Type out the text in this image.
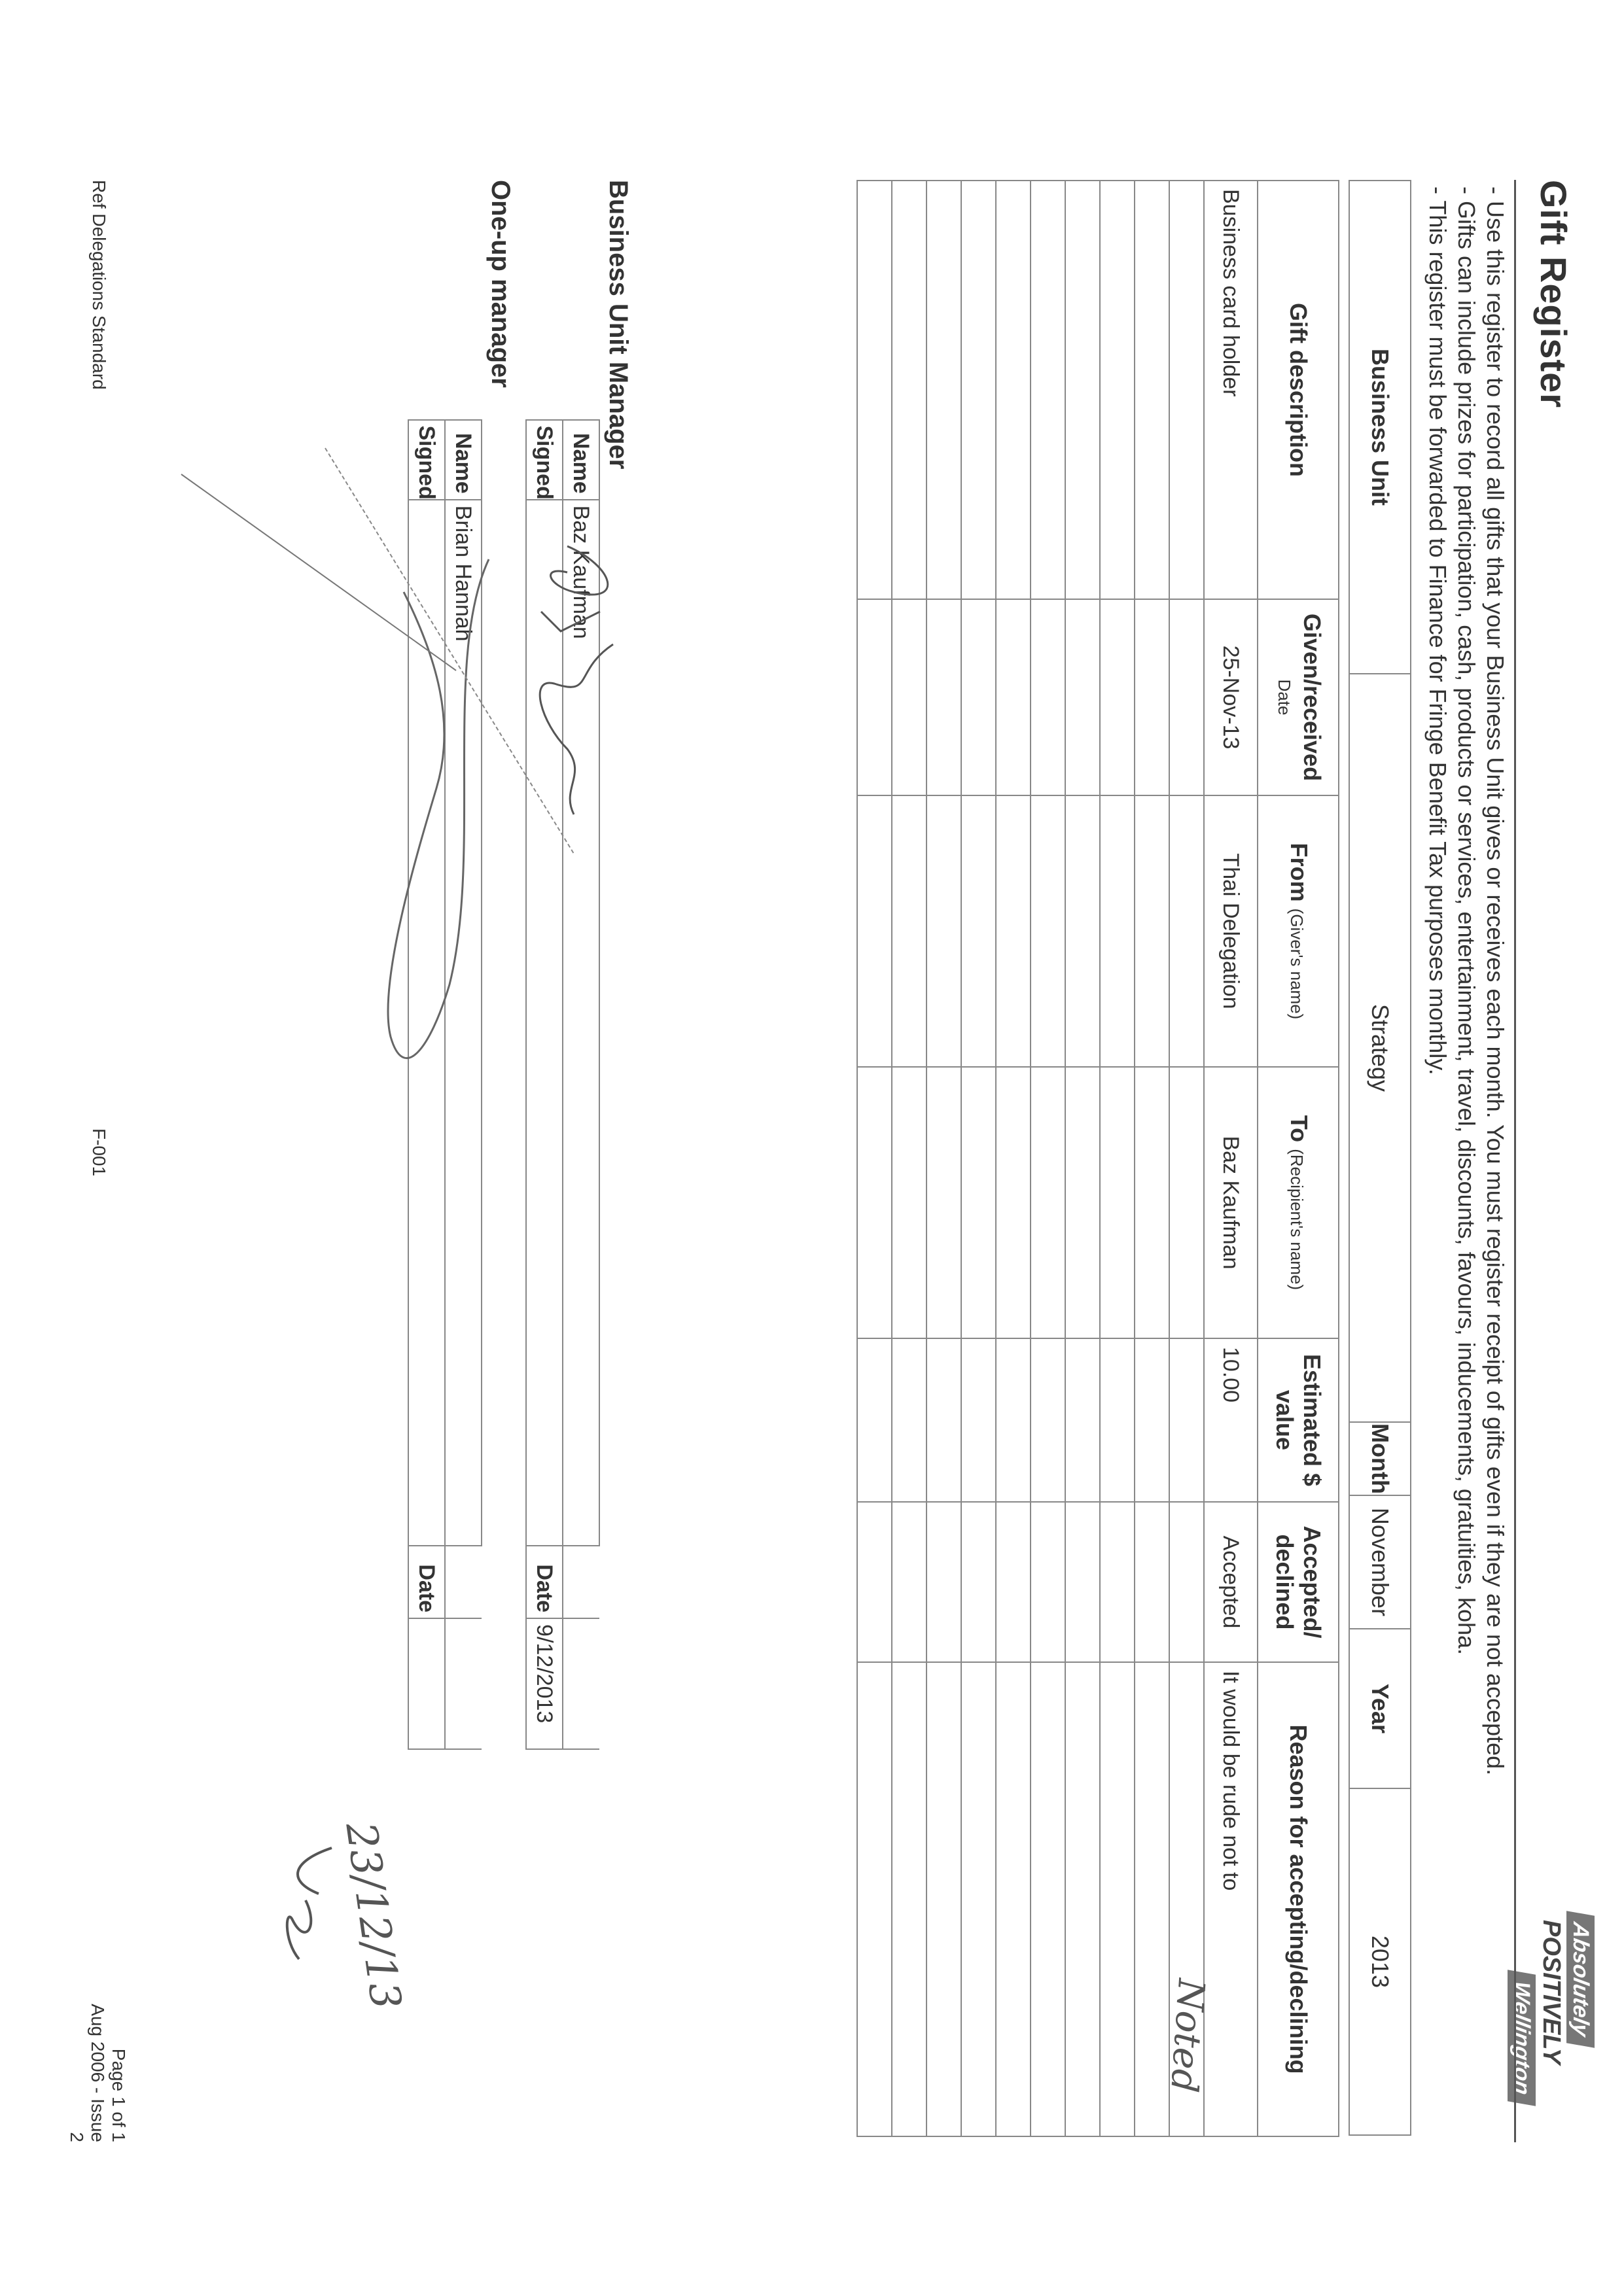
Gift Register
Absolutely
POSITIVELY
Wellington
- Use this register to record all gifts that your Business Unit gives or receives each month. You must register receipt of gifts even if they are not accepted.
- Gifts can include prizes for participation, cash, products or services, entertainment, travel, discounts, favours, inducements, gratuities, koha.
- This register must be forwarded to Finance for Fringe Benefit Tax purposes monthly.
Business Unit	Strategy	Month	November	Year	2013
Gift description	Given/received
Date	From (Giver's name)	To (Recipient's name)	Estimated $ value	Accepted/ declined	Reason for accepting/declining
Business card holder	25-Nov-13	Thai Delegation	Baz Kaufman	10.00	Accepted	It would be rude not to

Business Unit Manager
	Name	Baz Kaufman		
	Signed		Date	9/12/2013
One-up manager
	Name	Brian Hannah		
	Signed		Date	
Noted
23/12/13
Ref Delegations Standard
F-001
Page 1 of 1
Aug 2006 - Issue 2
